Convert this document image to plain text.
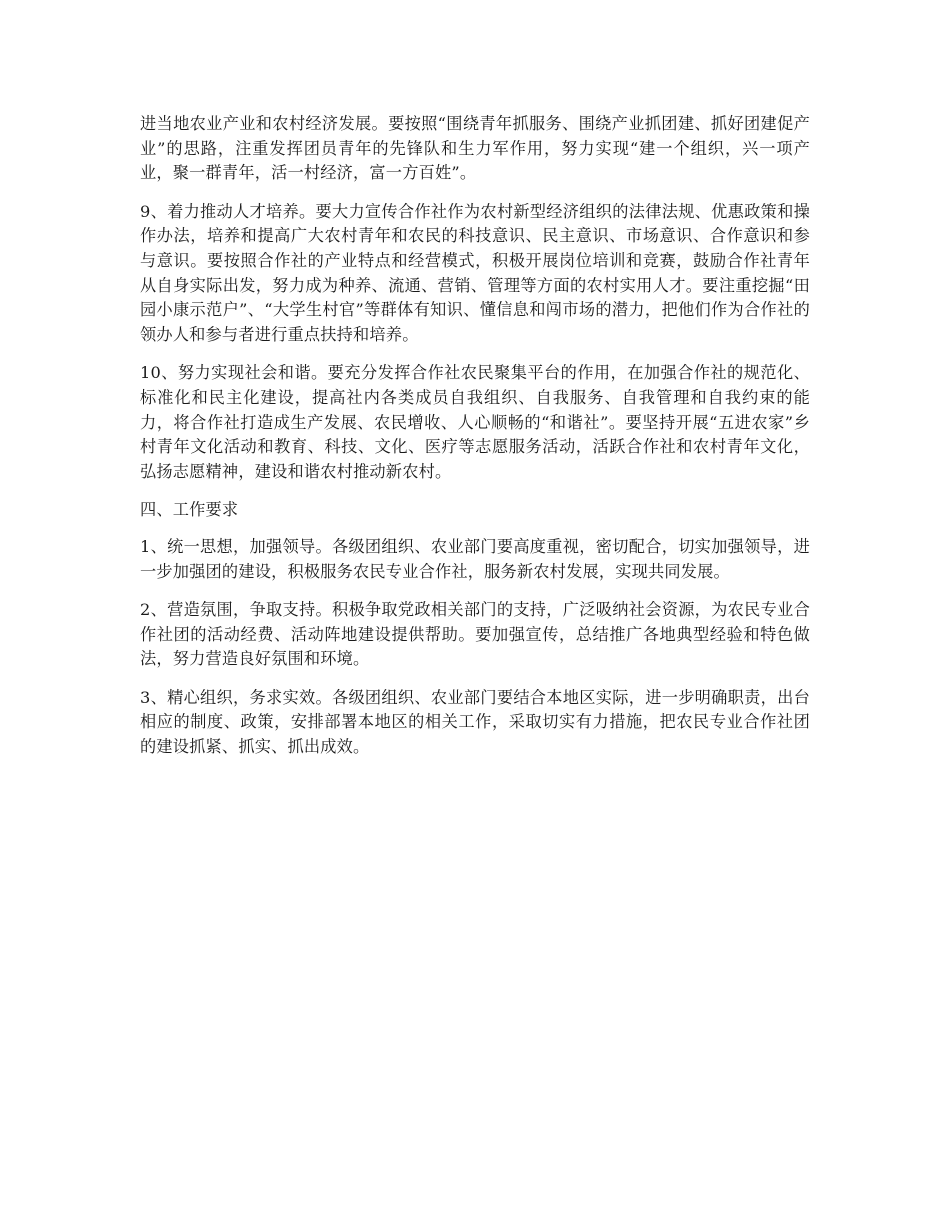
进当地农业产业和农村经济发展。要按照“围绕青年抓服务、围绕产业抓团建、抓好团建促产业”的思路，注重发挥团员青年的先锋队和生力军作用，努力实现“建一个组织，兴一项产业，聚一群青年，活一村经济，富一方百姓”。

9、着力推动人才培养。要大力宣传合作社作为农村新型经济组织的法律法规、优惠政策和操作办法，培养和提高广大农村青年和农民的科技意识、民主意识、市场意识、合作意识和参与意识。要按照合作社的产业特点和经营模式，积极开展岗位培训和竞赛，鼓励合作社青年从自身实际出发，努力成为种养、流通、营销、管理等方面的农村实用人才。要注重挖掘“田园小康示范户”、“大学生村官”等群体有知识、懂信息和闯市场的潜力，把他们作为合作社的领办人和参与者进行重点扶持和培养。

10、努力实现社会和谐。要充分发挥合作社农民聚集平台的作用，在加强合作社的规范化、标准化和民主化建设，提高社内各类成员自我组织、自我服务、自我管理和自我约束的能力，将合作社打造成生产发展、农民增收、人心顺畅的“和谐社”。要坚持开展“五进农家”乡村青年文化活动和教育、科技、文化、医疗等志愿服务活动，活跃合作社和农村青年文化，弘扬志愿精神，建设和谐农村推动新农村。

四、工作要求

1、统一思想，加强领导。各级团组织、农业部门要高度重视，密切配合，切实加强领导，进一步加强团的建设，积极服务农民专业合作社，服务新农村发展，实现共同发展。

2、营造氛围，争取支持。积极争取党政相关部门的支持，广泛吸纳社会资源，为农民专业合作社团的活动经费、活动阵地建设提供帮助。要加强宣传，总结推广各地典型经验和特色做法，努力营造良好氛围和环境。

3、精心组织，务求实效。各级团组织、农业部门要结合本地区实际，进一步明确职责，出台相应的制度、政策，安排部署本地区的相关工作，采取切实有力措施，把农民专业合作社团的建设抓紧、抓实、抓出成效。
